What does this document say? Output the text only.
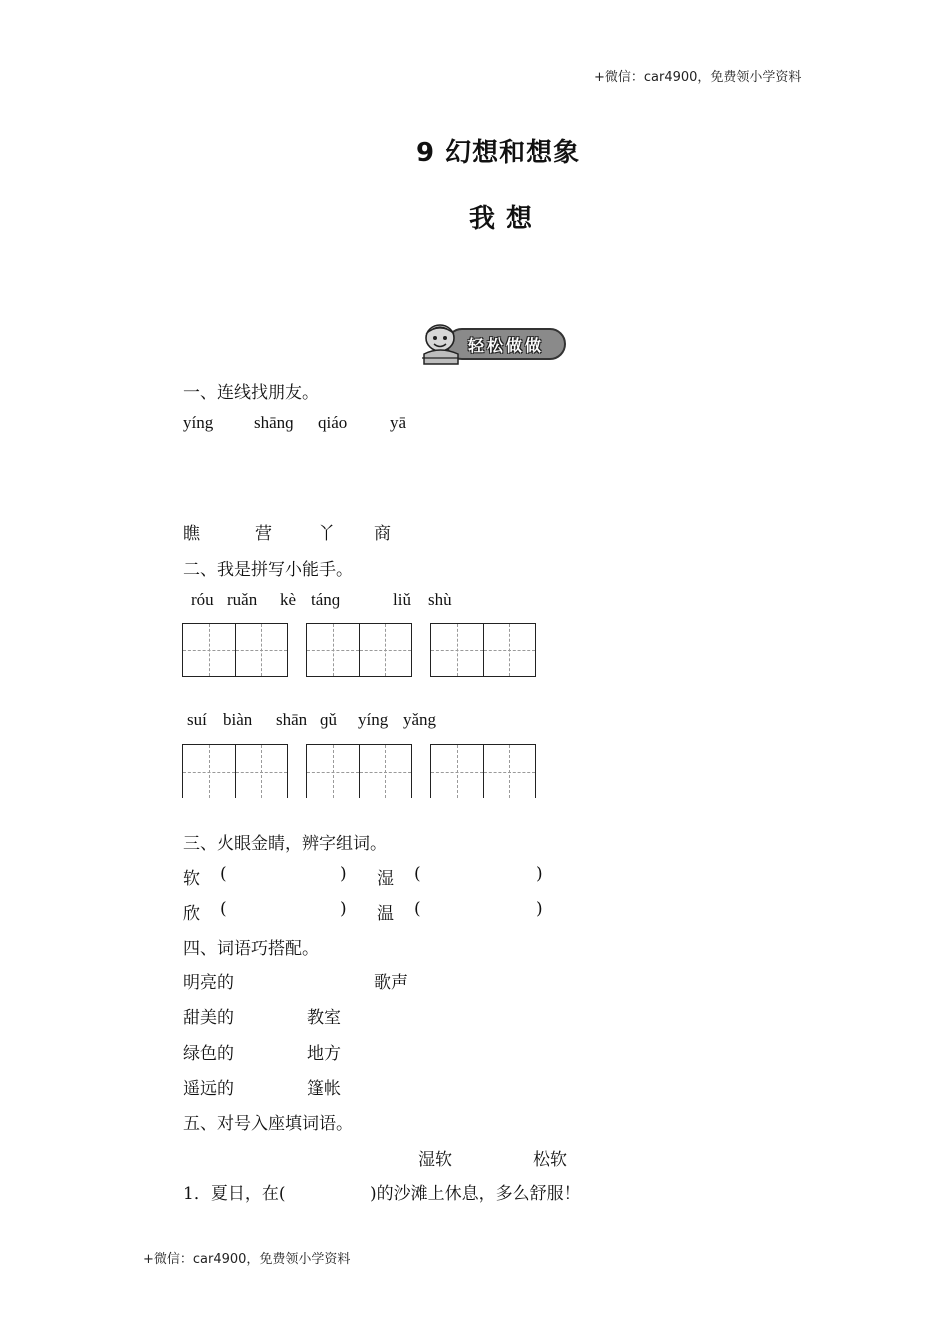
+微信：car4900，免费领小学资料
+微信：car4900，免费领小学资料
9 幻想和想象
我 想
轻松做做
一、连线找朋友。
yíng shānɡ qiáo	yā
瞧	营	丫 商
二、我是拼写小能手。
róu ruǎn kè tánɡ	liǔ shù
suí biàn shān ɡǔ yíng yǎng
三、火眼金睛，辨字组词。
软 (	) 湿 (	)
欣 (	) 温 (	)
四、词语巧搭配。
明亮的	歌声
甜美的	教室
绿色的	地方
遥远的	篷帐
五、对号入座填词语。
湿软	松软
1．夏日，在(	)的沙滩上休息，多么舒服！
